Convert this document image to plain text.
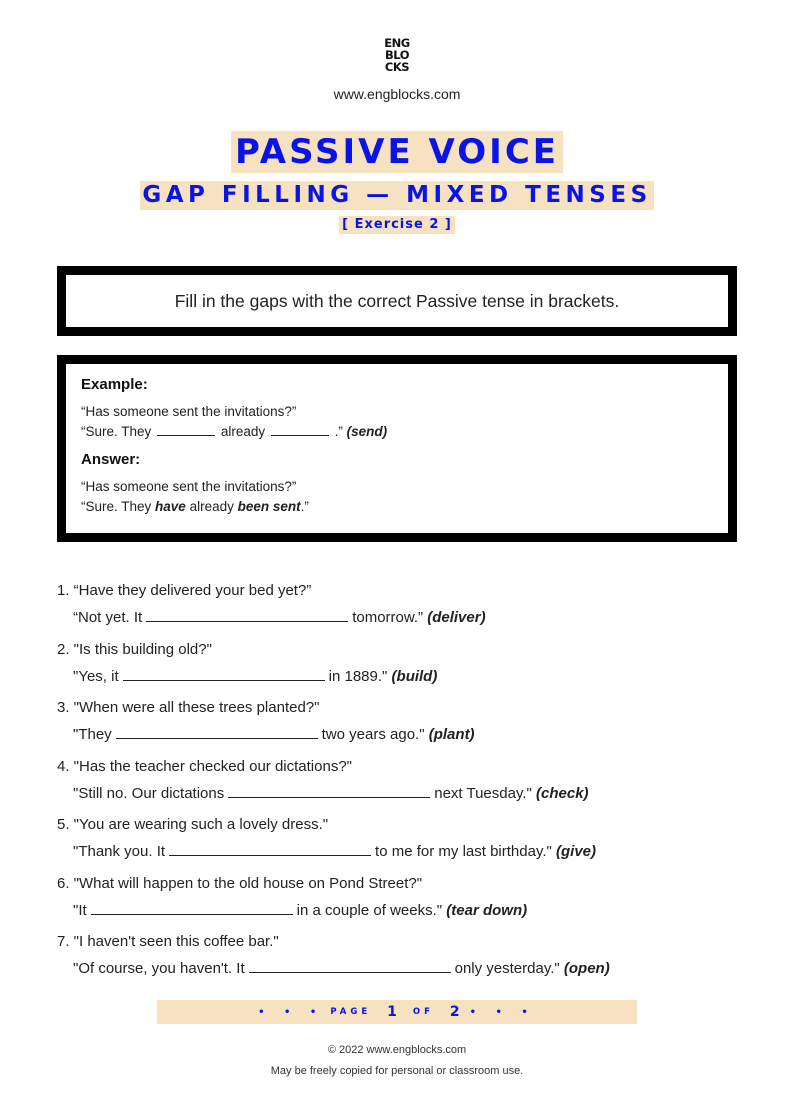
ENG
BLO
CKS
www.engblocks.com
PASSIVE VOICE
GAP FILLING — MIXED TENSES
[ Exercise 2 ]
Fill in the gaps with the correct Passive tense in brackets.
Example:
“Has someone sent the invitations?”
“Sure. They	already	.” (send)
Answer:
“Has someone sent the invitations?”
“Sure. They have already been sent.”
1. “Have they delivered your bed yet?”
“Not yet. It	tomorrow.” (deliver)
2. "Is this building old?"
"Yes, it	in 1889." (build)
3. "When were all these trees planted?"
"They	two years ago." (plant)
4. "Has the teacher checked our dictations?"
"Still no. Our dictations	next Tuesday." (check)
5. "You are wearing such a lovely dress."
"Thank you. It	to me for my last birthday." (give)
6. "What will happen to the old house on Pond Street?"
"It	in a couple of weeks." (tear down)
7. "I haven't seen this coffee bar."
"Of course, you haven't. It	only yesterday." (open)
• • • PAGE 1 OF 2 • • •
© 2022 www.engblocks.com
May be freely copied for personal or classroom use.
